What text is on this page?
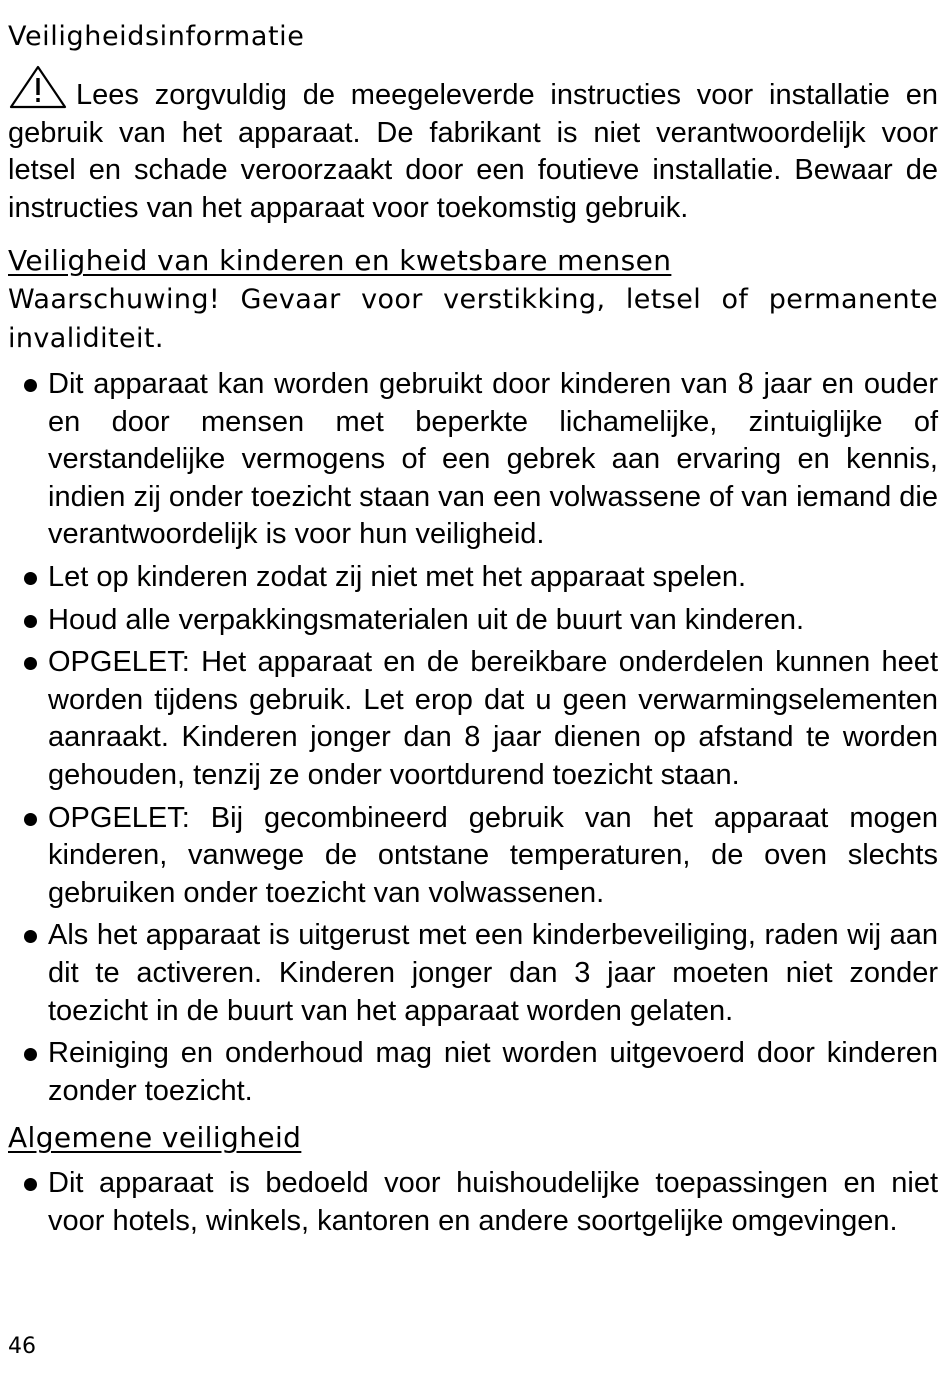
Veiligheidsinformatie

Lees zorgvuldig de meegeleverde instructies voor installatie en gebruik van het apparaat. De fabrikant is niet verantwoordelijk voor letsel en schade veroorzaakt door een foutieve installatie. Bewaar de instructies van het apparaat voor toekomstig gebruik.

Veiligheid van kinderen en kwetsbare mensen

Waarschuwing! Gevaar voor verstikking, letsel of permanente invaliditeit.

Dit apparaat kan worden gebruikt door kinderen van 8 jaar en ouder en door mensen met beperkte lichamelijke, zintuiglijke of verstandelijke vermogens of een gebrek aan ervaring en kennis, indien zij onder toezicht staan van een volwassene of van iemand die verantwoordelijk is voor hun veiligheid.
Let op kinderen zodat zij niet met het apparaat spelen.
Houd alle verpakkingsmaterialen uit de buurt van kinderen.
OPGELET: Het apparaat en de bereikbare onderdelen kunnen heet worden tijdens gebruik. Let erop dat u geen verwarmingselementen aanraakt. Kinderen jonger dan 8 jaar dienen op afstand te worden gehouden, tenzij ze onder voortdurend toezicht staan.
OPGELET: Bij gecombineerd gebruik van het apparaat mogen kinderen, vanwege de ontstane temperaturen, de oven slechts gebruiken onder toezicht van volwassenen.
Als het apparaat is uitgerust met een kinderbeveiliging, raden wij aan dit te activeren. Kinderen jonger dan 3 jaar moeten niet zonder toezicht in de buurt van het apparaat worden gelaten.
Reiniging en onderhoud mag niet worden uitgevoerd door kinderen zonder toezicht.
Algemene veiligheid
Dit apparaat is bedoeld voor huishoudelijke toepassingen en niet voor hotels, winkels, kantoren en andere soortgelijke omgevingen.
46
